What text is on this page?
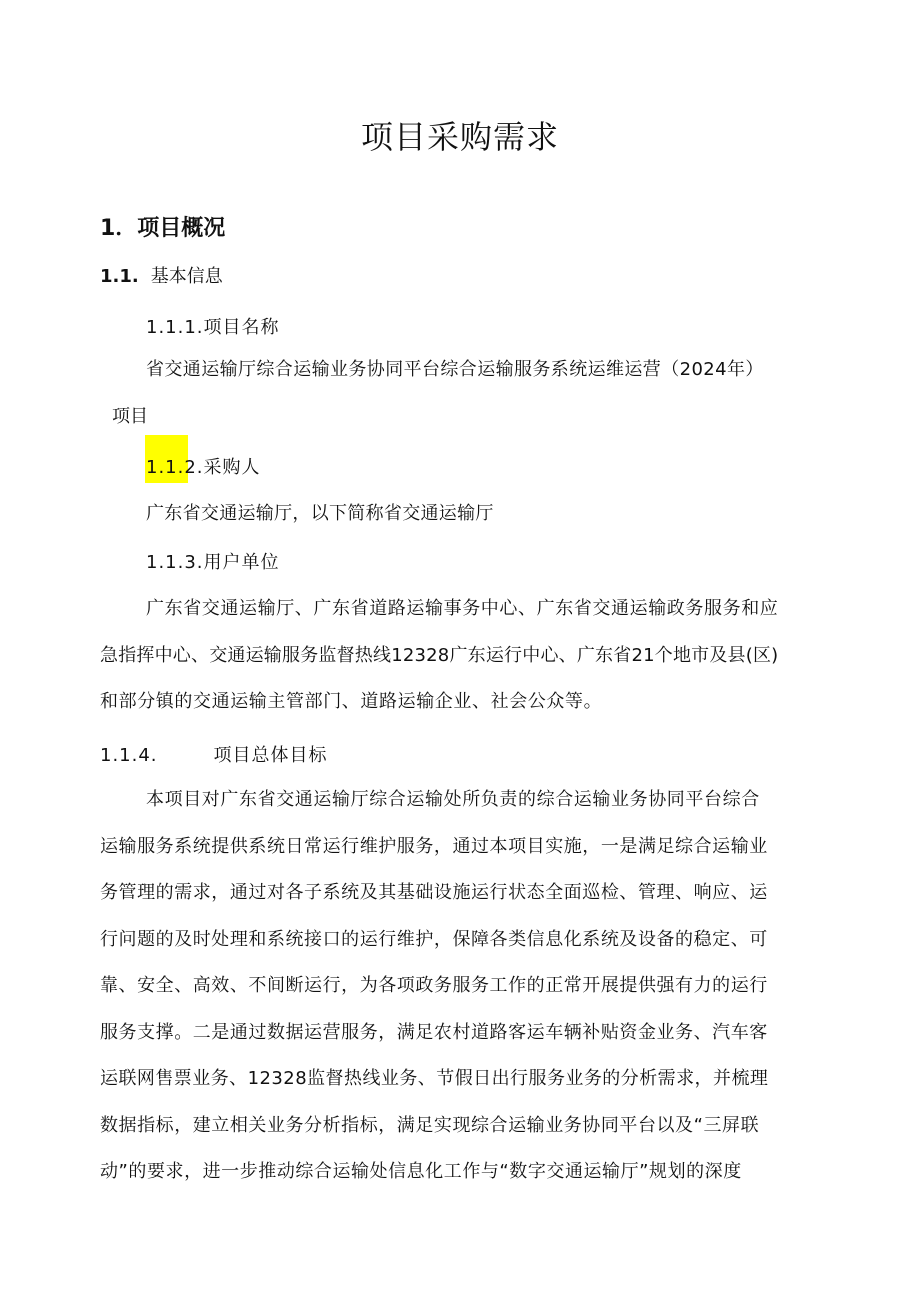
项目采购需求
1．项目概况
1.1. 基本信息
1.1.1.项目名称
省交通运输厅综合运输业务协同平台综合运输服务系统运维运营（2024年）
项目
1.1.2.采购人
广东省交通运输厅，以下简称省交通运输厅
1.1.3.用户单位
广东省交通运输厅、广东省道路运输事务中心、广东省交通运输政务服务和应
急指挥中心、交通运输服务监督热线12328广东运行中心、广东省21个地市及县(区)
和部分镇的交通运输主管部门、道路运输企业、社会公众等。
1.1.4.	项目总体目标
本项目对广东省交通运输厅综合运输处所负责的综合运输业务协同平台综合
运输服务系统提供系统日常运行维护服务，通过本项目实施，一是满足综合运输业
务管理的需求，通过对各子系统及其基础设施运行状态全面巡检、管理、响应、运
行问题的及时处理和系统接口的运行维护，保障各类信息化系统及设备的稳定、可
靠、安全、高效、不间断运行，为各项政务服务工作的正常开展提供强有力的运行
服务支撑。二是通过数据运营服务，满足农村道路客运车辆补贴资金业务、汽车客
运联网售票业务、12328监督热线业务、节假日出行服务业务的分析需求，并梳理
数据指标，建立相关业务分析指标，满足实现综合运输业务协同平台以及“三屏联
动”的要求，进一步推动综合运输处信息化工作与“数字交通运输厅”规划的深度
